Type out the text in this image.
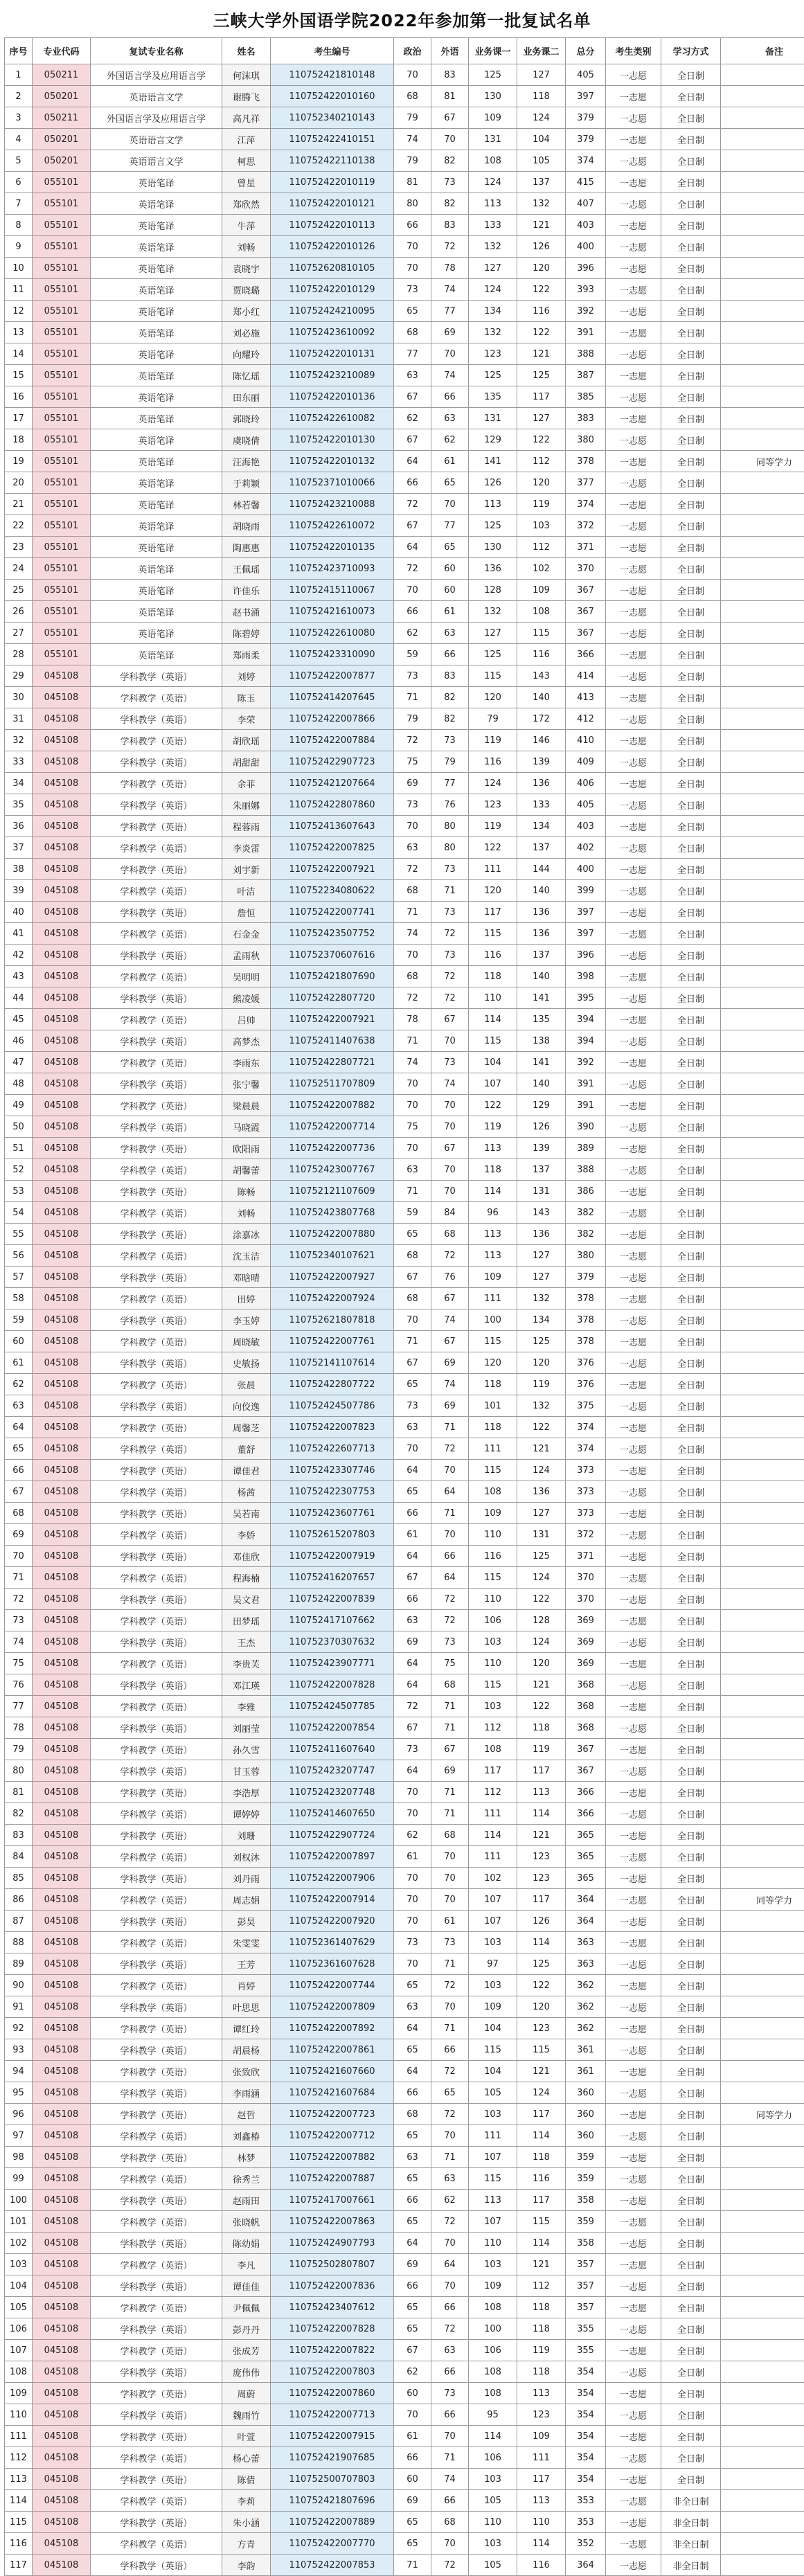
三峡大学外国语学院2022年参加第一批复试名单
序号	专业代码	复试专业名称	姓名	考生编号	政治	外语	业务课一	业务课二	总分	考生类别	学习方式	备注
1	050211	外国语言学及应用语言学	何沫琪	110752421810148	70	83	125	127	405	一志愿	全日制	
2	050201	英语语言文学	谢腾飞	110752422010160	68	81	130	118	397	一志愿	全日制	
3	050211	外国语言学及应用语言学	高凡祥	110752340210143	79	67	109	124	379	一志愿	全日制	
4	050201	英语语言文学	江萍	110752422410151	74	70	131	104	379	一志愿	全日制	
5	050201	英语语言文学	柯思	110752422110138	79	82	108	105	374	一志愿	全日制	
6	055101	英语笔译	曾星	110752422010119	81	73	124	137	415	一志愿	全日制	
7	055101	英语笔译	郑欣然	110752422010121	80	82	113	132	407	一志愿	全日制	
8	055101	英语笔译	牛萍	110752422010113	66	83	133	121	403	一志愿	全日制	
9	055101	英语笔译	刘畅	110752422010126	70	72	132	126	400	一志愿	全日制	
10	055101	英语笔译	袁晓宇	110752620810105	70	78	127	120	396	一志愿	全日制	
11	055101	英语笔译	贾晓璐	110752422010129	73	74	124	122	393	一志愿	全日制	
12	055101	英语笔译	郑小红	110752424210095	65	77	134	116	392	一志愿	全日制	
13	055101	英语笔译	刘必施	110752423610092	68	69	132	122	391	一志愿	全日制	
14	055101	英语笔译	向耀玲	110752422010131	77	70	123	121	388	一志愿	全日制	
15	055101	英语笔译	陈忆瑶	110752423210089	63	74	125	125	387	一志愿	全日制	
16	055101	英语笔译	田东丽	110752422010136	67	66	135	117	385	一志愿	全日制	
17	055101	英语笔译	郭晓玲	110752422610082	62	63	131	127	383	一志愿	全日制	
18	055101	英语笔译	虞晓倩	110752422010130	67	62	129	122	380	一志愿	全日制	
19	055101	英语笔译	汪海艳	110752422010132	64	61	141	112	378	一志愿	全日制	同等学力
20	055101	英语笔译	于莉颖	110752371010066	66	65	126	120	377	一志愿	全日制	
21	055101	英语笔译	林若馨	110752423210088	72	70	113	119	374	一志愿	全日制	
22	055101	英语笔译	胡晓雨	110752422610072	67	77	125	103	372	一志愿	全日制	
23	055101	英语笔译	陶惠惠	110752422010135	64	65	130	112	371	一志愿	全日制	
24	055101	英语笔译	王佩瑶	110752423710093	72	60	136	102	370	一志愿	全日制	
25	055101	英语笔译	许佳乐	110752415110067	70	60	128	109	367	一志愿	全日制	
26	055101	英语笔译	赵书涌	110752421610073	66	61	132	108	367	一志愿	全日制	
27	055101	英语笔译	陈碧婷	110752422610080	62	63	127	115	367	一志愿	全日制	
28	055101	英语笔译	郑雨柔	110752423310090	59	66	125	116	366	一志愿	全日制	
29	045108	学科教学（英语）	刘婷	110752422007877	73	83	115	143	414	一志愿	全日制	
30	045108	学科教学（英语）	陈玉	110752414207645	71	82	120	140	413	一志愿	全日制	
31	045108	学科教学（英语）	李荣	110752422007866	79	82	79	172	412	一志愿	全日制	
32	045108	学科教学（英语）	胡欣瑶	110752422007884	72	73	119	146	410	一志愿	全日制	
33	045108	学科教学（英语）	胡甜甜	110752422907723	75	79	116	139	409	一志愿	全日制	
34	045108	学科教学（英语）	余菲	110752421207664	69	77	124	136	406	一志愿	全日制	
35	045108	学科教学（英语）	朱丽娜	110752422807860	73	76	123	133	405	一志愿	全日制	
36	045108	学科教学（英语）	程蓉雨	110752413607643	70	80	119	134	403	一志愿	全日制	
37	045108	学科教学（英语）	李炎雷	110752422007825	63	80	122	137	402	一志愿	全日制	
38	045108	学科教学（英语）	刘宇新	110752422007921	72	73	111	144	400	一志愿	全日制	
39	045108	学科教学（英语）	叶洁	110752234080622	68	71	120	140	399	一志愿	全日制	
40	045108	学科教学（英语）	詹恒	110752422007741	71	73	117	136	397	一志愿	全日制	
41	045108	学科教学（英语）	石金金	110752423507752	74	72	115	136	397	一志愿	全日制	
42	045108	学科教学（英语）	孟雨秋	110752370607616	70	73	116	137	396	一志愿	全日制	
43	045108	学科教学（英语）	吴明明	110752421807690	68	72	118	140	398	一志愿	全日制	
44	045108	学科教学（英语）	熊凌媛	110752422807720	72	72	110	141	395	一志愿	全日制	
45	045108	学科教学（英语）	吕帅	110752422007921	78	67	114	135	394	一志愿	全日制	
46	045108	学科教学（英语）	高梦杰	110752411407638	71	70	115	138	394	一志愿	全日制	
47	045108	学科教学（英语）	李雨东	110752422807721	74	73	104	141	392	一志愿	全日制	
48	045108	学科教学（英语）	张宁馨	110752511707809	70	74	107	140	391	一志愿	全日制	
49	045108	学科教学（英语）	梁晨晨	110752422007882	70	70	122	129	391	一志愿	全日制	
50	045108	学科教学（英语）	马晓霞	110752422007714	75	70	119	126	390	一志愿	全日制	
51	045108	学科教学（英语）	欧阳雨	110752422007736	70	67	113	139	389	一志愿	全日制	
52	045108	学科教学（英语）	胡馨蕾	110752423007767	63	70	118	137	388	一志愿	全日制	
53	045108	学科教学（英语）	陈畅	110752121107609	71	70	114	131	386	一志愿	全日制	
54	045108	学科教学（英语）	刘畅	110752423807768	59	84	96	143	382	一志愿	全日制	
55	045108	学科教学（英语）	涂嘉冰	110752422007880	65	68	113	136	382	一志愿	全日制	
56	045108	学科教学（英语）	沈玉洁	110752340107621	68	72	113	127	380	一志愿	全日制	
57	045108	学科教学（英语）	邓晗晴	110752422007927	67	76	109	127	379	一志愿	全日制	
58	045108	学科教学（英语）	田婷	110752422007924	68	67	111	132	378	一志愿	全日制	
59	045108	学科教学（英语）	李玉婷	110752621807818	70	74	100	134	378	一志愿	全日制	
60	045108	学科教学（英语）	周晓敏	110752422007761	71	67	115	125	378	一志愿	全日制	
61	045108	学科教学（英语）	史敏扬	110752141107614	67	69	120	120	376	一志愿	全日制	
62	045108	学科教学（英语）	张晨	110752422807722	65	74	118	119	376	一志愿	全日制	
63	045108	学科教学（英语）	向佼逸	110752424507786	73	69	101	132	375	一志愿	全日制	
64	045108	学科教学（英语）	周馨芝	110752422007823	63	71	118	122	374	一志愿	全日制	
65	045108	学科教学（英语）	董舒	110752422607713	70	72	111	121	374	一志愿	全日制	
66	045108	学科教学（英语）	谭佳君	110752423307746	64	70	115	124	373	一志愿	全日制	
67	045108	学科教学（英语）	杨茜	110752422307753	65	64	108	136	373	一志愿	全日制	
68	045108	学科教学（英语）	吴若南	110752423607761	66	71	109	127	373	一志愿	全日制	
69	045108	学科教学（英语）	李娇	110752615207803	61	70	110	131	372	一志愿	全日制	
70	045108	学科教学（英语）	邓佳欣	110752422007919	64	66	116	125	371	一志愿	全日制	
71	045108	学科教学（英语）	程海楠	110752416207657	67	64	115	124	370	一志愿	全日制	
72	045108	学科教学（英语）	吴文君	110752422007839	66	72	110	122	370	一志愿	全日制	
73	045108	学科教学（英语）	田梦瑶	110752417107662	63	72	106	128	369	一志愿	全日制	
74	045108	学科教学（英语）	王杰	110752370307632	69	73	103	124	369	一志愿	全日制	
75	045108	学科教学（英语）	李贵芙	110752423907771	64	75	110	120	369	一志愿	全日制	
76	045108	学科教学（英语）	邓江瑛	110752422007828	64	68	115	121	368	一志愿	全日制	
77	045108	学科教学（英语）	李雅	110752424507785	72	71	103	122	368	一志愿	全日制	
78	045108	学科教学（英语）	刘丽莹	110752422007854	67	71	112	118	368	一志愿	全日制	
79	045108	学科教学（英语）	孙久雪	110752411607640	73	67	108	119	367	一志愿	全日制	
80	045108	学科教学（英语）	甘玉蓉	110752423207747	64	69	117	117	367	一志愿	全日制	
81	045108	学科教学（英语）	李浩厚	110752423207748	70	71	112	113	366	一志愿	全日制	
82	045108	学科教学（英语）	谭婷婷	110752414607650	70	71	111	114	366	一志愿	全日制	
83	045108	学科教学（英语）	刘珊	110752422907724	62	68	114	121	365	一志愿	全日制	
84	045108	学科教学（英语）	刘权沐	110752422007897	61	70	111	123	365	一志愿	全日制	
85	045108	学科教学（英语）	刘丹雨	110752422007906	70	70	102	123	365	一志愿	全日制	
86	045108	学科教学（英语）	周志娟	110752422007914	70	70	107	117	364	一志愿	全日制	同等学力
87	045108	学科教学（英语）	彭昊	110752422007920	70	61	107	126	364	一志愿	全日制	
88	045108	学科教学（英语）	朱雯雯	110752361407629	73	73	103	114	363	一志愿	全日制	
89	045108	学科教学（英语）	王芳	110752361607628	70	71	97	125	363	一志愿	全日制	
90	045108	学科教学（英语）	肖婷	110752422007744	65	72	103	122	362	一志愿	全日制	
91	045108	学科教学（英语）	叶思思	110752422007809	63	70	109	120	362	一志愿	全日制	
92	045108	学科教学（英语）	谭红玲	110752422007892	64	71	104	123	362	一志愿	全日制	
93	045108	学科教学（英语）	胡晨杨	110752422007861	65	66	115	115	361	一志愿	全日制	
94	045108	学科教学（英语）	张致欣	110752421607660	64	72	104	121	361	一志愿	全日制	
95	045108	学科教学（英语）	李雨涵	110752421607684	66	65	105	124	360	一志愿	全日制	
96	045108	学科教学（英语）	赵哲	110752422007723	68	72	103	117	360	一志愿	全日制	同等学力
97	045108	学科教学（英语）	刘鑫椿	110752422007712	65	70	111	114	360	一志愿	全日制	
98	045108	学科教学（英语）	林梦	110752422007882	63	71	107	118	359	一志愿	全日制	
99	045108	学科教学（英语）	徐秀兰	110752422007887	65	63	115	116	359	一志愿	全日制	
100	045108	学科教学（英语）	赵雨田	110752417007661	66	62	113	117	358	一志愿	全日制	
101	045108	学科教学（英语）	张晓帆	110752422007863	65	72	107	115	359	一志愿	全日制	
102	045108	学科教学（英语）	陈幼娟	110752424907793	64	70	110	114	358	一志愿	全日制	
103	045108	学科教学（英语）	李凡	110752502807807	69	64	103	121	357	一志愿	全日制	
104	045108	学科教学（英语）	谭佳佳	110752422007836	66	70	109	112	357	一志愿	全日制	
105	045108	学科教学（英语）	尹佩佩	110752423407612	65	66	108	118	357	一志愿	全日制	
106	045108	学科教学（英语）	彭丹丹	110752422007828	65	72	100	118	355	一志愿	全日制	
107	045108	学科教学（英语）	张成芳	110752422007822	67	63	106	119	355	一志愿	全日制	
108	045108	学科教学（英语）	庞伟伟	110752422007803	62	66	108	118	354	一志愿	全日制	
109	045108	学科教学（英语）	周蔚	110752422007860	60	73	108	113	354	一志愿	全日制	
110	045108	学科教学（英语）	魏雨竹	110752422007713	70	66	95	123	354	一志愿	全日制	
111	045108	学科教学（英语）	叶萱	110752422007915	61	70	114	109	354	一志愿	全日制	
112	045108	学科教学（英语）	杨心蕾	110752421907685	66	71	106	111	354	一志愿	全日制	
113	045108	学科教学（英语）	陈倩	110752500707803	60	74	103	117	354	一志愿	全日制	
114	045108	学科教学（英语）	李莉	110752421807696	69	66	105	113	353	一志愿	非全日制	
115	045108	学科教学（英语）	朱小涵	110752422007889	65	68	110	110	353	一志愿	非全日制	
116	045108	学科教学（英语）	方青	110752422007770	65	70	103	114	352	一志愿	非全日制	
117	045108	学科教学（英语）	李韵	110752422007853	71	72	105	116	364	一志愿	非全日制	
